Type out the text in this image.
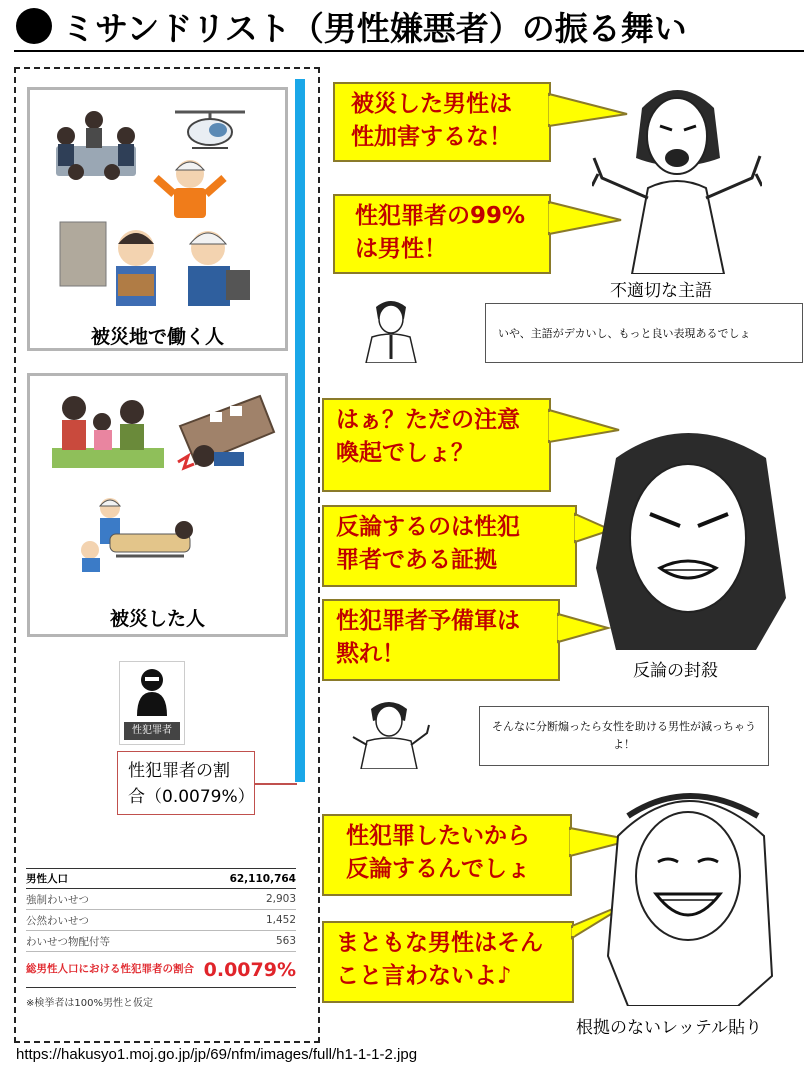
ミサンドリスト（男性嫌悪者）の振る舞い
被災地で働く人
被災した人
性犯罪者
性犯罪者の割
合（0.0079%）
男性人口	62,110,764
強制わいせつ	2,903
公然わいせつ	1,452
わいせつ物配付等	563
総男性人口における性犯罪者の割合 0.0079%
※検挙者は100%男性と仮定
https://hakusyo1.moj.go.jp/jp/69/nfm/images/full/h1-1-1-2.jpg
被災した男性は
性加害するな！
性犯罪者の99%
は男性！
はぁ？ただの注意
喚起でしょ？
反論するのは性犯
罪者である証拠
性犯罪者予備軍は
黙れ！
性犯罪したいから
反論するんでしょ
まともな男性はそん
こと言わないよ♪
不適切な主語
いや、主語がデカいし、もっと良い表現あるでしょ
反論の封殺
そんなに分断煽ったら女性を助ける男性が減っちゃうよ！
根拠のないレッテル貼り
